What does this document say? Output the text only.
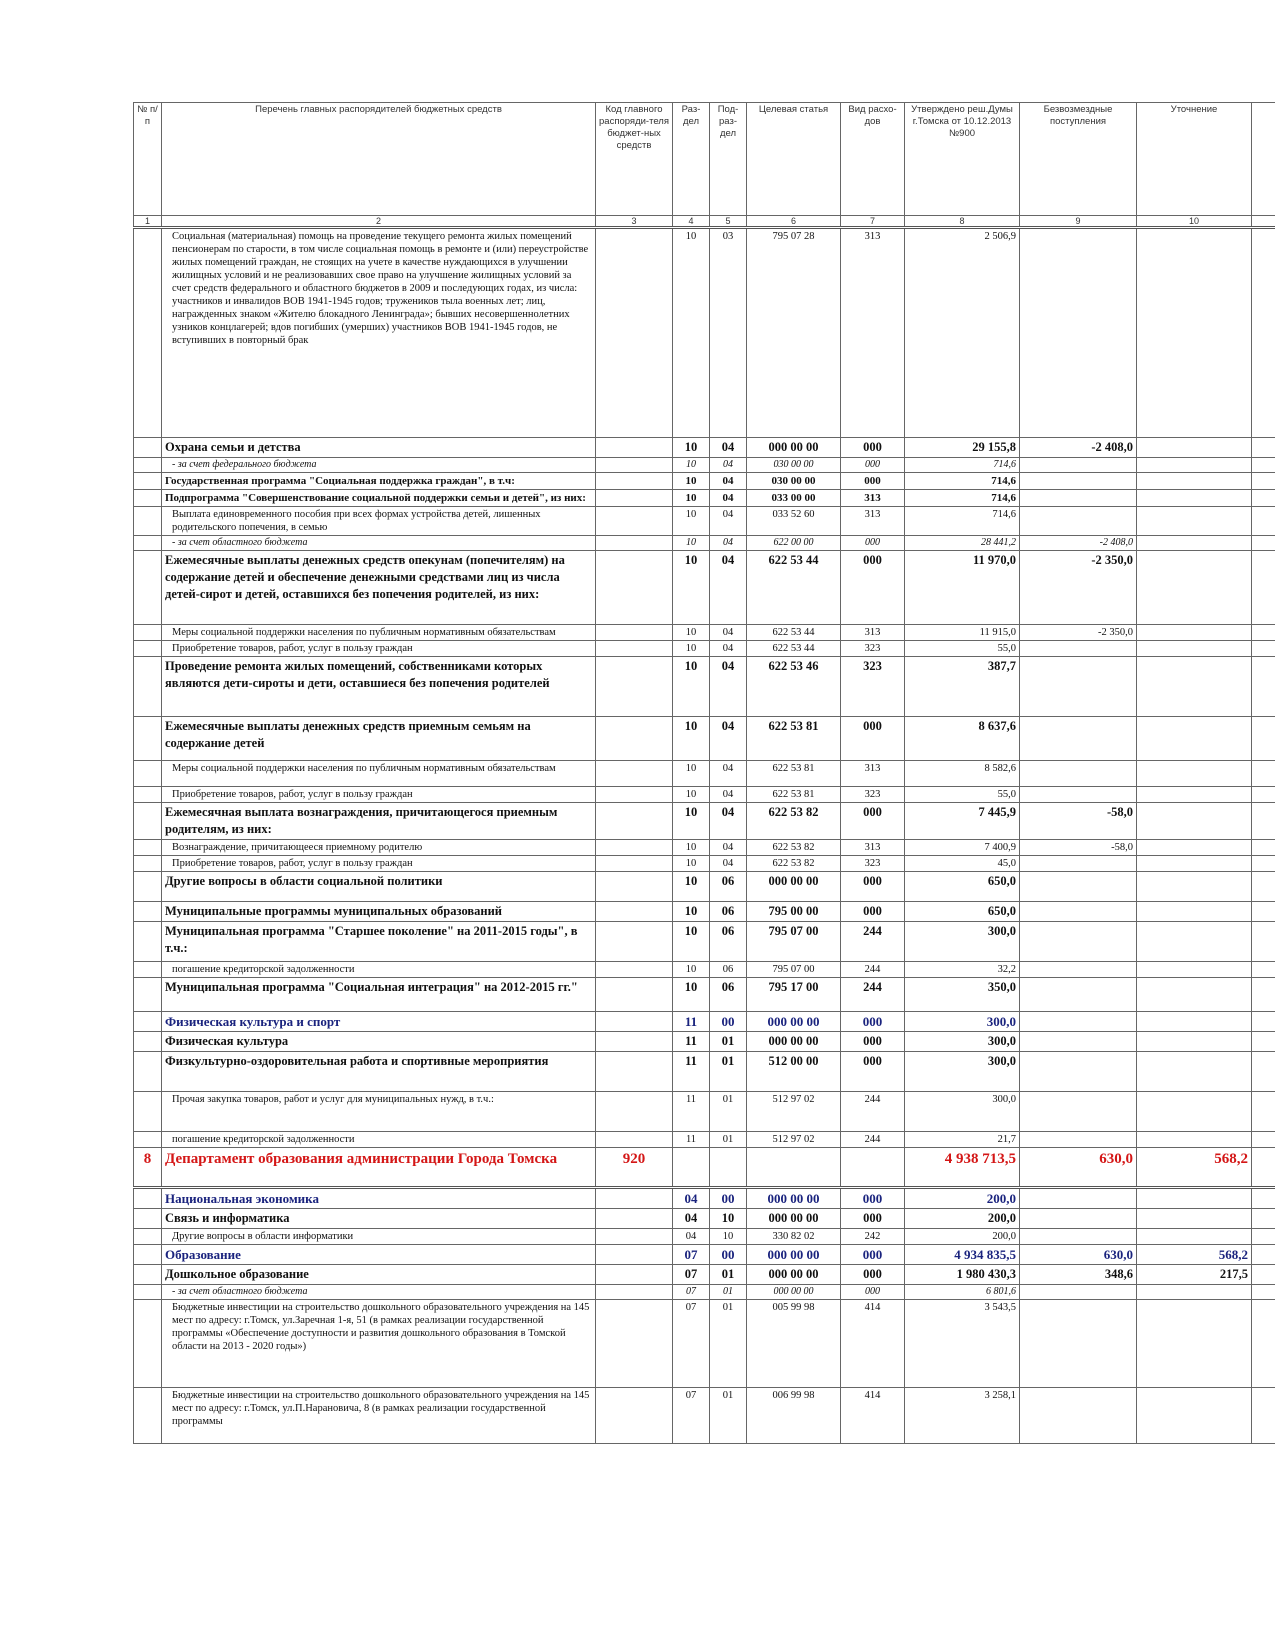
№ п/п	Перечень главных распорядителей бюджетных средств	Код главного распоряди-теля бюджет-ных средств	Раз-дел	Под-раз-дел	Целевая статья	Вид расхо-дов	Утверждено реш.Думы г.Томска от 10.12.2013 №900	Безвозмездные поступления	Уточнение	
1	2	3	4	5	6	7	8	9	10	
	Социальная (материальная) помощь на проведение текущего ремонта жилых помещений пенсионерам по старости, в том числе социальная помощь в ремонте и (или) переустройстве жилых помещений граждан, не стоящих на учете в качестве нуждающихся в улучшении жилищных условий и не реализовавших свое право на улучшение жилищных условий за счет средств федерального и областного бюджетов в 2009 и последующих годах, из числа: участников и инвалидов ВОВ 1941-1945 годов; тружеников тыла военных лет; лиц, награжденных знаком «Жителю блокадного Ленинграда»; бывших несовершеннолетних узников концлагерей; вдов погибших (умерших) участников ВОВ 1941-1945 годов, не вступивших в повторный брак		10	03	795 07 28	313	2 506,9			
	Охрана семьи и детства		10	04	000 00 00	000	29 155,8	-2 408,0		
	- за счет федерального бюджета		10	04	030 00 00	000	714,6			
	Государственная программа "Социальная поддержка граждан", в т.ч:		10	04	030 00 00	000	714,6			
	Подпрограмма "Совершенствование социальной поддержки семьи и детей", из них:		10	04	033 00 00	313	714,6			
	Выплата единовременного пособия при всех формах устройства детей, лишенных родительского попечения, в семью		10	04	033 52 60	313	714,6			
	- за счет областного бюджета		10	04	622 00 00	000	28 441,2	-2 408,0		
	Ежемесячные выплаты денежных средств опекунам (попечителям) на содержание детей и обеспечение денежными средствами лиц из числа детей-сирот и детей, оставшихся без попечения родителей, из них:		10	04	622 53 44	000	11 970,0	-2 350,0		
	Меры социальной поддержки населения по публичным нормативным обязательствам		10	04	622 53 44	313	11 915,0	-2 350,0		
	Приобретение товаров, работ, услуг в пользу граждан		10	04	622 53 44	323	55,0			
	Проведение ремонта жилых помещений, собственниками которых являются дети-сироты и дети, оставшиеся без попечения родителей		10	04	622 53 46	323	387,7			
	Ежемесячные выплаты денежных средств приемным семьям на содержание детей		10	04	622 53 81	000	8 637,6			
	Меры социальной поддержки населения по публичным нормативным обязательствам		10	04	622 53 81	313	8 582,6			
	Приобретение товаров, работ, услуг в пользу граждан		10	04	622 53 81	323	55,0			
	Ежемесячная выплата вознаграждения, причитающегося приемным родителям, из них:		10	04	622 53 82	000	7 445,9	-58,0		
	Вознаграждение, причитающееся приемному родителю		10	04	622 53 82	313	7 400,9	-58,0		
	Приобретение товаров, работ, услуг в пользу граждан		10	04	622 53 82	323	45,0			
	Другие вопросы в области социальной политики		10	06	000 00 00	000	650,0			
	Муниципальные программы муниципальных образований		10	06	795 00 00	000	650,0			
	Муниципальная программа "Старшее поколение" на 2011-2015 годы", в т.ч.:		10	06	795 07 00	244	300,0			
	погашение кредиторской задолженности		10	06	795 07 00	244	32,2			
	Муниципальная программа "Социальная интеграция" на 2012-2015 гг."		10	06	795 17 00	244	350,0			
	Физическая культура и спорт		11	00	000 00 00	000	300,0			
	Физическая культура		11	01	000 00 00	000	300,0			
	Физкультурно-оздоровительная работа и спортивные мероприятия		11	01	512 00 00	000	300,0			
	Прочая закупка товаров, работ и услуг для муниципальных нужд, в т.ч.:		11	01	512 97 02	244	300,0			
	погашение кредиторской задолженности		11	01	512 97 02	244	21,7			
8	Департамент образования администрации Города Томска	920					4 938 713,5	630,0	568,2	
	Национальная экономика		04	00	000 00 00	000	200,0			
	Связь и информатика		04	10	000 00 00	000	200,0			
	Другие вопросы в области информатики		04	10	330 82 02	242	200,0			
	Образование		07	00	000 00 00	000	4 934 835,5	630,0	568,2	
	Дошкольное образование		07	01	000 00 00	000	1 980 430,3	348,6	217,5	
	- за счет областного бюджета		07	01	000 00 00	000	6 801,6			
	Бюджетные инвестиции на строительство дошкольного образовательного учреждения на 145 мест по адресу: г.Томск, ул.Заречная 1-я, 51 (в рамках реализации государственной программы «Обеспечение доступности и развития дошкольного образования в Томской области на 2013 - 2020 годы»)		07	01	005 99 98	414	3 543,5			
	Бюджетные инвестиции на строительство дошкольного образовательного учреждения на 145 мест по адресу: г.Томск, ул.П.Нарановича, 8 (в рамках реализации государственной программы		07	01	006 99 98	414	3 258,1			
